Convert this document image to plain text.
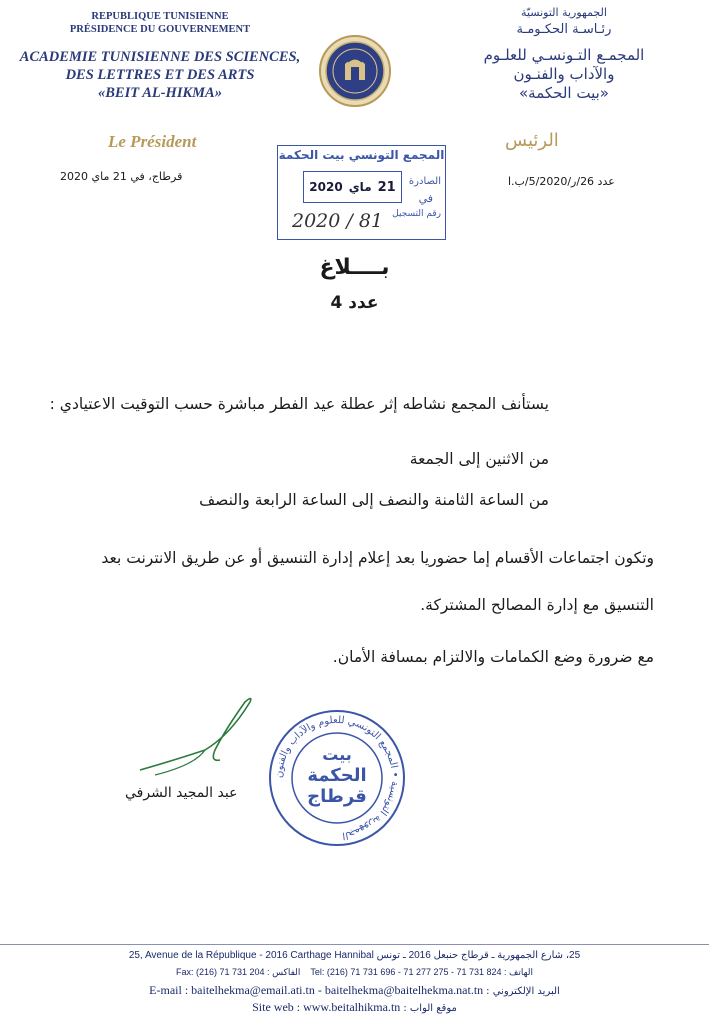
REPUBLIQUE TUNISIENNE
PRÉSIDENCE DU GOUVERNEMENT
ACADEMIE TUNISIENNE DES SCIENCES,
DES LETTRES ET DES ARTS
«BEIT AL-HIKMA»
الجمهورية التونسيّة
رئـاسـة الحكـومـة
المجمـع التـونسـي للعلـوم
والآداب والفنـون
«بيت الحكمة»
Le Président	الرئيس
قرطاج، في 21 ماي 2020	عدد 26/ر/5/2020/ب.ا
المجمع التونسي بيت الحكمة
الصادرة
في
رقم التسجيل
2020 ماي 21
2020 / 81
بــــلاغ
عدد 4
يستأنف المجمع نشاطه إثر عطلة عيد الفطر مباشرة حسب التوقيت الاعتيادي :
من الاثنين إلى الجمعة
من الساعة الثامنة والنصف إلى الساعة الرابعة والنصف
وتكون اجتماعات الأقسام إما حضوريا بعد إعلام إدارة التنسيق أو عن طريق الانترنت بعد
التنسيق مع إدارة المصالح المشتركة.
مع ضرورة وضع الكمامات والالتزام بمسافة الأمان.
عبد المجيد الشرفي
الجمهورية التونسية • المجمع التونسي للعلوم والآداب والفنون
بيت
الحكمة
قرطاج
25, Avenue de la République - 2016 Carthage Hannibal 25، شارع الجمهورية ـ قرطاج حنبعل 2016 ـ تونس
Fax: (216) 71 731 204 : الفاكس Tel: (216) 71 731 696 - 71 277 275 - 71 731 824 : الهاتف
E-mail : baitelhekma@email.ati.tn - baitelhekma@baitelhekma.nat.tn : البريد الإلكتروني
Site web : www.beitalhikma.tn : موقع الواب
